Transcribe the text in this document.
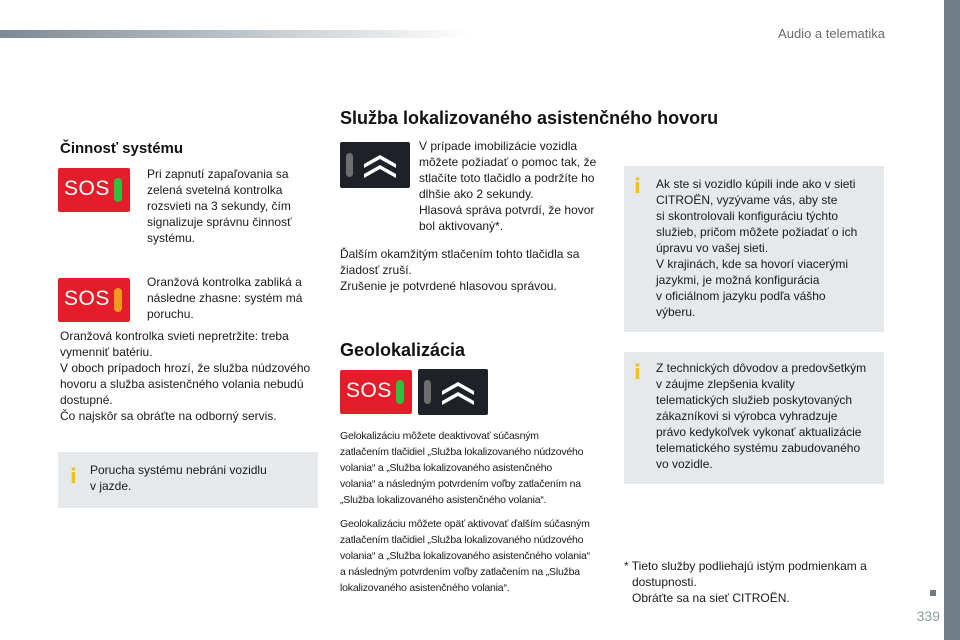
Audio a telematika
339
Činnosť systému
SOS
Pri zapnutí zapaľovania sa
zelená svetelná kontrolka
rozsvieti na 3 sekundy, čím
signalizuje správnu činnosť
systému.
SOS
Oranžová kontrolka zabliká a
následne zhasne: systém má
poruchu.
Oranžová kontrolka svieti nepretržite: treba
vymenniť batériu.
V oboch prípadoch hrozí, že služba núdzového
hovoru a služba asistenčného volania nebudú
dostupné.
Čo najskôr sa obráťte na odborný servis.
i Porucha systému nebráni vozidlu
v jazde.
Služba lokalizovaného asistenčného hovoru
V prípade imobilizácie vozidla
môžete požiadať o pomoc tak, že
stlačíte toto tlačidlo a podržíte ho
dlhšie ako 2 sekundy.
Hlasová správa potvrdí, že hovor
bol aktivovaný*.
Ďalším okamžitým stlačením tohto tlačidla sa
žiadosť zruší.
Zrušenie je potvrdené hlasovou správou.
Geolokalizácia
SOS
Gelokalizáciu môžete deaktivovať súčasným
zatlačením tlačidiel „Služba lokalizovaného núdzového
volania“ a „Služba lokalizovaného asistenčného
volania“ a následným potvrdením voľby zatlačením na
„Služba lokalizovaného asistenčného volania“.
Geolokalizáciu môžete opäť aktivovať ďalším súčasným
zatlačením tlačidiel „Služba lokalizovaného núdzového
volania“ a „Služba lokalizovaného asistenčného volania“
a následným potvrdením voľby zatlačením na „Služba
lokalizovaného asistenčného volania“.
i Ak ste si vozidlo kúpili inde ako v sieti
CITROËN, vyzývame vás, aby ste
si skontrolovali konfiguráciu týchto
služieb, pričom môžete požiadať o ich
úpravu vo vašej sieti.
V krajinách, kde sa hovorí viacerými
jazykmi, je možná konfigurácia
v oficiálnom jazyku podľa vášho
výberu.
i Z technických dôvodov a predovšetkým
v záujme zlepšenia kvality
telematických služieb poskytovaných
zákazníkovi si výrobca vyhradzuje
právo kedykoľvek vykonať aktualizácie
telematického systému zabudovaného
vo vozidle.
* Tieto služby podliehajú istým podmienkam a
dostupnosti.
Obráťte sa na sieť CITROËN.
